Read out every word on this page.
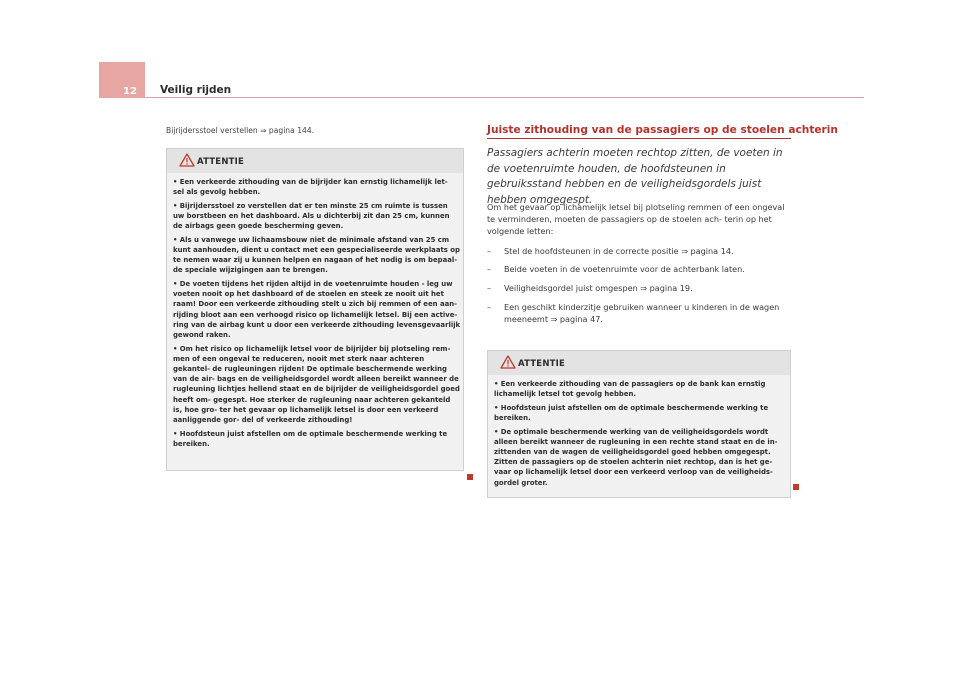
12 Veilig rijden
Bijrijdersstoel verstellen ⇒ pagina 144.
ATTENTIE

• Een verkeerde zithouding van de bijrijder kan ernstig lichamelijk let- sel als gevolg hebben.

• Bijrijdersstoel zo verstellen dat er ten minste 25 cm ruimte is tussen uw borstbeen en het dashboard. Als u dichterbij zit dan 25 cm, kunnen de airbags geen goede bescherming geven.

• Als u vanwege uw lichaamsbouw niet de minimale afstand van 25 cm kunt aanhouden, dient u contact met een gespecialiseerde werkplaats op te nemen waar zij u kunnen helpen en nagaan of het nodig is om bepaal- de speciale wijzigingen aan te brengen.

• De voeten tijdens het rijden altijd in de voetenruimte houden - leg uw voeten nooit op het dashboard of de stoelen en steek ze nooit uit het raam! Door een verkeerde zithouding stelt u zich bij remmen of een aan- rijding bloot aan een verhoogd risico op lichamelijk letsel. Bij een active- ring van de airbag kunt u door een verkeerde zithouding levensgevaarlijk gewond raken.

• Om het risico op lichamelijk letsel voor de bijrijder bij plotseling rem- men of een ongeval te reduceren, nooit met sterk naar achteren gekantel- de rugleuningen rijden! De optimale beschermende werking van de air- bags en de veiligheidsgordel wordt alleen bereikt wanneer de rugleuning lichtjes hellend staat en de bijrijder de veiligheidsgordel goed heeft om- gegespt. Hoe sterker de rugleuning naar achteren gekanteld is, hoe gro- ter het gevaar op lichamelijk letsel is door een verkeerd aanliggende gor- del of verkeerde zithouding!

• Hoofdsteun juist afstellen om de optimale beschermende werking te bereiken.

Juiste zithouding van de passagiers op de stoelen achterin
Passagiers achterin moeten rechtop zitten, de voeten in de voetenruimte houden, de hoofdsteunen in gebruiksstand hebben en de veiligheidsgordels juist hebben omgegespt.

Om het gevaar op lichamelijk letsel bij plotseling remmen of een ongeval te verminderen, moeten de passagiers op de stoelen ach- terin op het volgende letten:

– Stel de hoofdsteunen in de correcte positie ⇒ pagina 14.
– Beide voeten in de voetenruimte voor de achterbank laten.
– Veiligheidsgordel juist omgespen ⇒ pagina 19.
– Een geschikt kinderzitje gebruiken wanneer u kinderen in de wagen meeneemt ⇒ pagina 47.
ATTENTIE

• Een verkeerde zithouding van de passagiers op de bank kan ernstig lichamelijk letsel tot gevolg hebben.

• Hoofdsteun juist afstellen om de optimale beschermende werking te bereiken.

• De optimale beschermende werking van de veiligheidsgordels wordt alleen bereikt wanneer de rugleuning in een rechte stand staat en de in- zittenden van de wagen de veiligheidsgordel goed hebben omgegespt. Zitten de passagiers op de stoelen achterin niet rechtop, dan is het ge- vaar op lichamelijk letsel door een verkeerd verloop van de veiligheids- gordel groter.
